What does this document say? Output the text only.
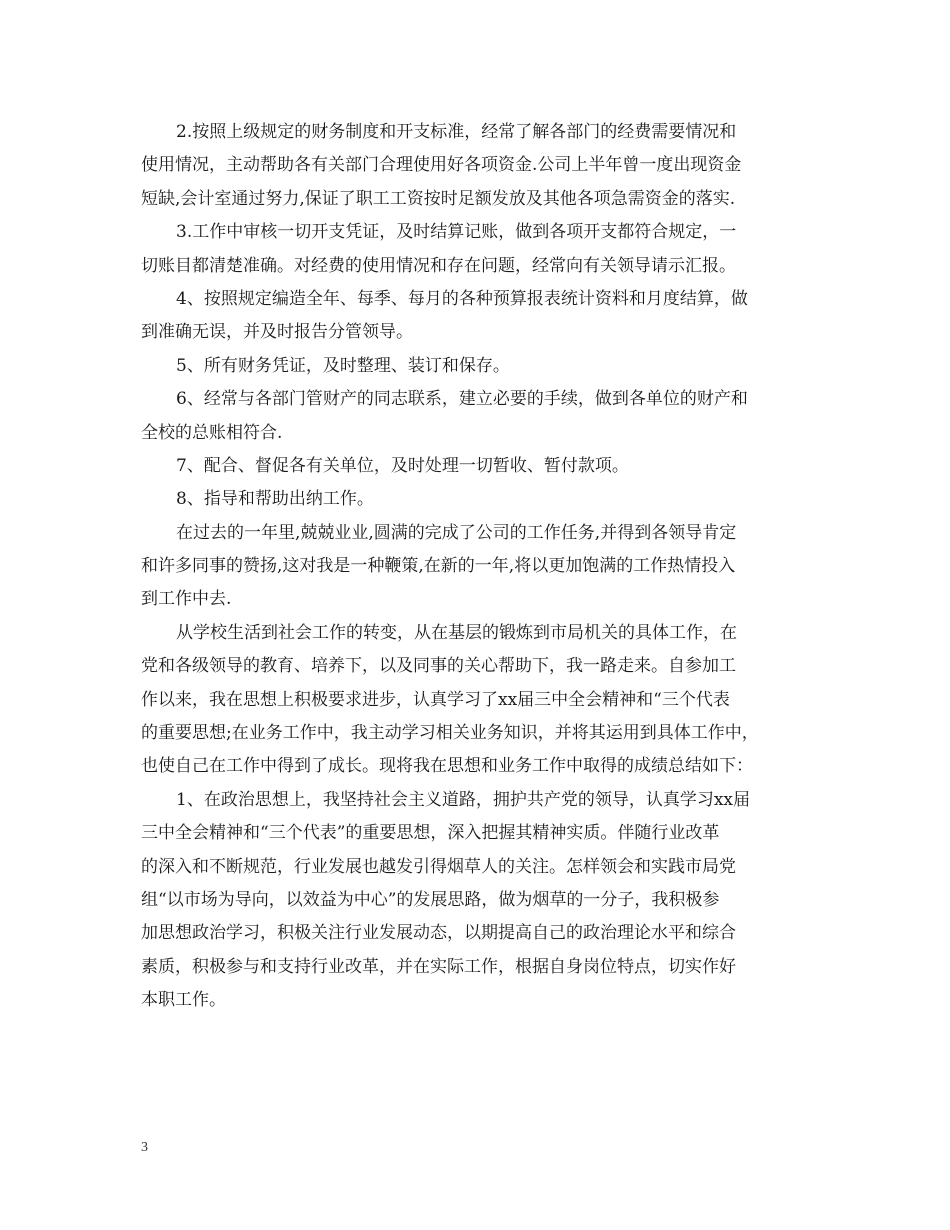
2.按照上级规定的财务制度和开支标准，经常了解各部门的经费需要情况和
使用情况，主动帮助各有关部门合理使用好各项资金.公司上半年曾一度出现资金
短缺,会计室通过努力,保证了职工工资按时足额发放及其他各项急需资金的落实.
3.工作中审核一切开支凭证，及时结算记账，做到各项开支都符合规定，一
切账目都清楚准确。对经费的使用情况和存在问题，经常向有关领导请示汇报。
4、按照规定编造全年、每季、每月的各种预算报表统计资料和月度结算，做
到准确无误，并及时报告分管领导。
5、所有财务凭证，及时整理、装订和保存。
6、经常与各部门管财产的同志联系，建立必要的手续，做到各单位的财产和
全校的总账相符合.
7、配合、督促各有关单位，及时处理一切暂收、暂付款项。
8、指导和帮助出纳工作。
在过去的一年里,兢兢业业,圆满的完成了公司的工作任务,并得到各领导肯定
和许多同事的赞扬,这对我是一种鞭策,在新的一年,将以更加饱满的工作热情投入
到工作中去.
从学校生活到社会工作的转变，从在基层的锻炼到市局机关的具体工作，在
党和各级领导的教育、培养下，以及同事的关心帮助下，我一路走来。自参加工
作以来，我在思想上积极要求进步，认真学习了xx届三中全会精神和“三个代表
的重要思想;在业务工作中，我主动学习相关业务知识，并将其运用到具体工作中，
也使自己在工作中得到了成长。现将我在思想和业务工作中取得的成绩总结如下：
1、在政治思想上，我坚持社会主义道路，拥护共产党的领导，认真学习xx届
三中全会精神和“三个代表”的重要思想，深入把握其精神实质。伴随行业改革
的深入和不断规范，行业发展也越发引得烟草人的关注。怎样领会和实践市局党
组“以市场为导向，以效益为中心”的发展思路，做为烟草的一分子，我积极参
加思想政治学习，积极关注行业发展动态，以期提高自己的政治理论水平和综合
素质，积极参与和支持行业改革，并在实际工作，根据自身岗位特点，切实作好
本职工作。
3
